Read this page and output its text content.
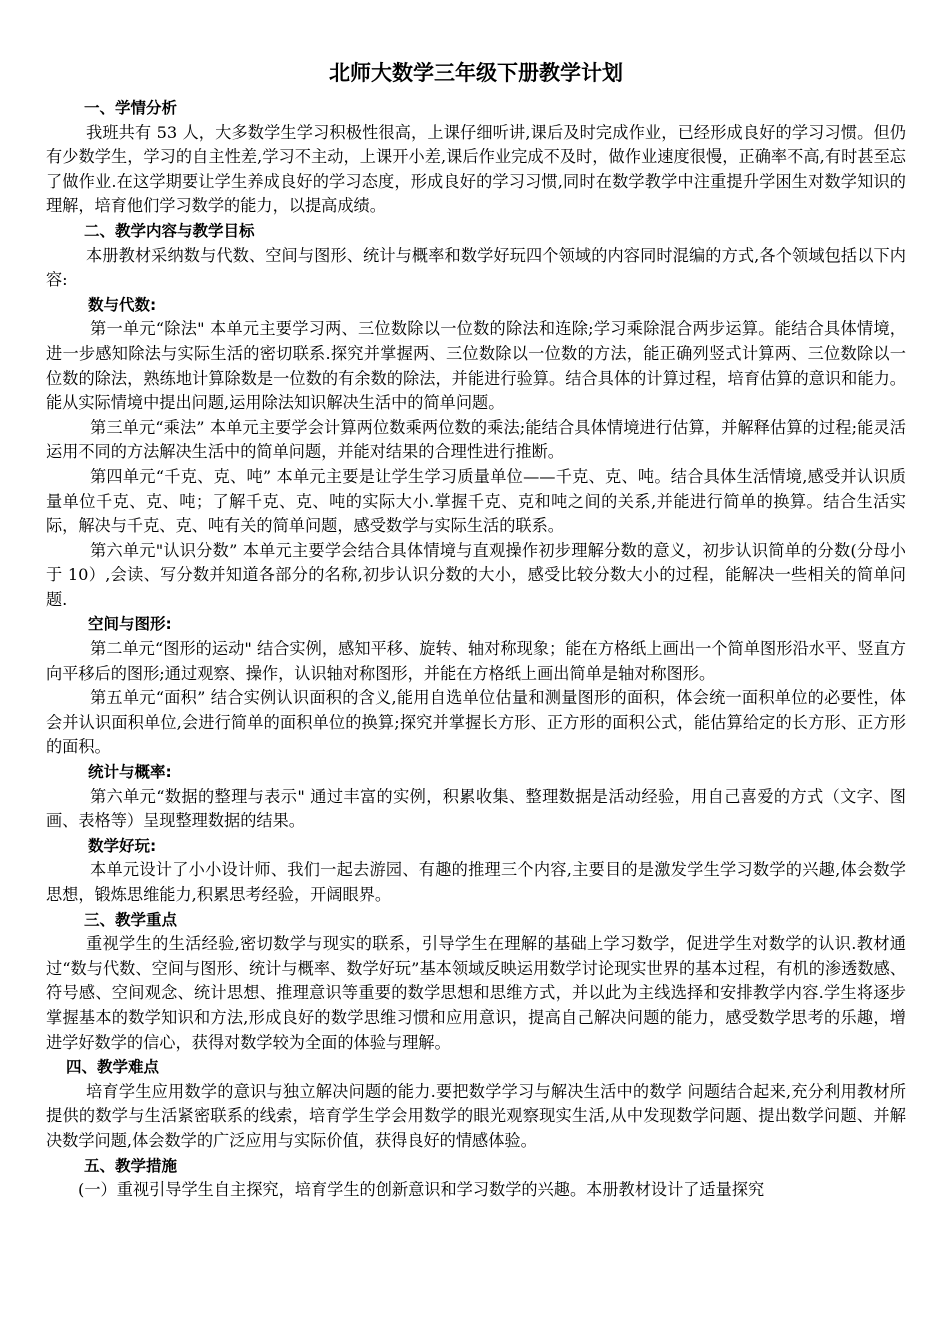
北师大数学三年级下册教学计划

一、学情分析

我班共有 53 人，大多数学生学习积极性很高，上课仔细听讲,课后及时完成作业，已经形成良好的学习习惯。但仍有少数学生，学习的自主性差,学习不主动，上课开小差,课后作业完成不及时，做作业速度很慢，正确率不高,有时甚至忘了做作业.在这学期要让学生养成良好的学习态度，形成良好的学习习惯,同时在数学教学中注重提升学困生对数学知识的理解，培育他们学习数学的能力，以提高成绩。

二、教学内容与教学目标

本册教材采纳数与代数、空间与图形、统计与概率和数学好玩四个领域的内容同时混编的方式,各个领域包括以下内容:

数与代数:

第一单元“除法" 本单元主要学习两、三位数除以一位数的除法和连除;学习乘除混合两步运算。能结合具体情境，进一步感知除法与实际生活的密切联系.探究并掌握两、三位数除以一位数的方法，能正确列竖式计算两、三位数除以一位数的除法，熟练地计算除数是一位数的有余数的除法，并能进行验算。结合具体的计算过程，培育估算的意识和能力。能从实际情境中提出问题,运用除法知识解决生活中的简单问题。

第三单元“乘法” 本单元主要学会计算两位数乘两位数的乘法;能结合具体情境进行估算，并解释估算的过程;能灵活运用不同的方法解决生活中的简单问题，并能对结果的合理性进行推断。

第四单元“千克、克、吨” 本单元主要是让学生学习质量单位——千克、克、吨。结合具体生活情境,感受并认识质量单位千克、克、吨；了解千克、克、吨的实际大小.掌握千克、克和吨之间的关系,并能进行简单的换算。结合生活实际，解决与千克、克、吨有关的简单问题，感受数学与实际生活的联系。

第六单元"认识分数” 本单元主要学会结合具体情境与直观操作初步理解分数的意义，初步认识简单的分数(分母小于 10）,会读、写分数并知道各部分的名称,初步认识分数的大小，感受比较分数大小的过程，能解决一些相关的简单问题.

空间与图形:

第二单元“图形的运动" 结合实例，感知平移、旋转、轴对称现象；能在方格纸上画出一个简单图形沿水平、竖直方向平移后的图形;通过观察、操作，认识轴对称图形，并能在方格纸上画出简单是轴对称图形。

第五单元“面积” 结合实例认识面积的含义,能用自选单位估量和测量图形的面积，体会统一面积单位的必要性，体会并认识面积单位,会进行简单的面积单位的换算;探究并掌握长方形、正方形的面积公式，能估算给定的长方形、正方形的面积。

统计与概率:

第六单元“数据的整理与表示" 通过丰富的实例，积累收集、整理数据是活动经验，用自己喜爱的方式（文字、图画、表格等）呈现整理数据的结果。

数学好玩:

本单元设计了小小设计师、我们一起去游园、有趣的推理三个内容,主要目的是激发学生学习数学的兴趣,体会数学思想，锻炼思维能力,积累思考经验，开阔眼界。

三、教学重点

重视学生的生活经验,密切数学与现实的联系，引导学生在理解的基础上学习数学，促进学生对数学的认识.教材通过“数与代数、空间与图形、统计与概率、数学好玩”基本领域反映运用数学讨论现实世界的基本过程，有机的渗透数感、符号感、空间观念、统计思想、推理意识等重要的数学思想和思维方式，并以此为主线选择和安排教学内容.学生将逐步掌握基本的数学知识和方法,形成良好的数学思维习惯和应用意识，提高自己解决问题的能力，感受数学思考的乐趣，增进学好数学的信心，获得对数学较为全面的体验与理解。

四、教学难点

培育学生应用数学的意识与独立解决问题的能力.要把数学学习与解决生活中的数学 问题结合起来,充分利用教材所提供的数学与生活紧密联系的线索，培育学生学会用数学的眼光观察现实生活,从中发现数学问题、提出数学问题、并解决数学问题,体会数学的广泛应用与实际价值，获得良好的情感体验。

五、教学措施

(一）重视引导学生自主探究，培育学生的创新意识和学习数学的兴趣。本册教材设计了适量探究
